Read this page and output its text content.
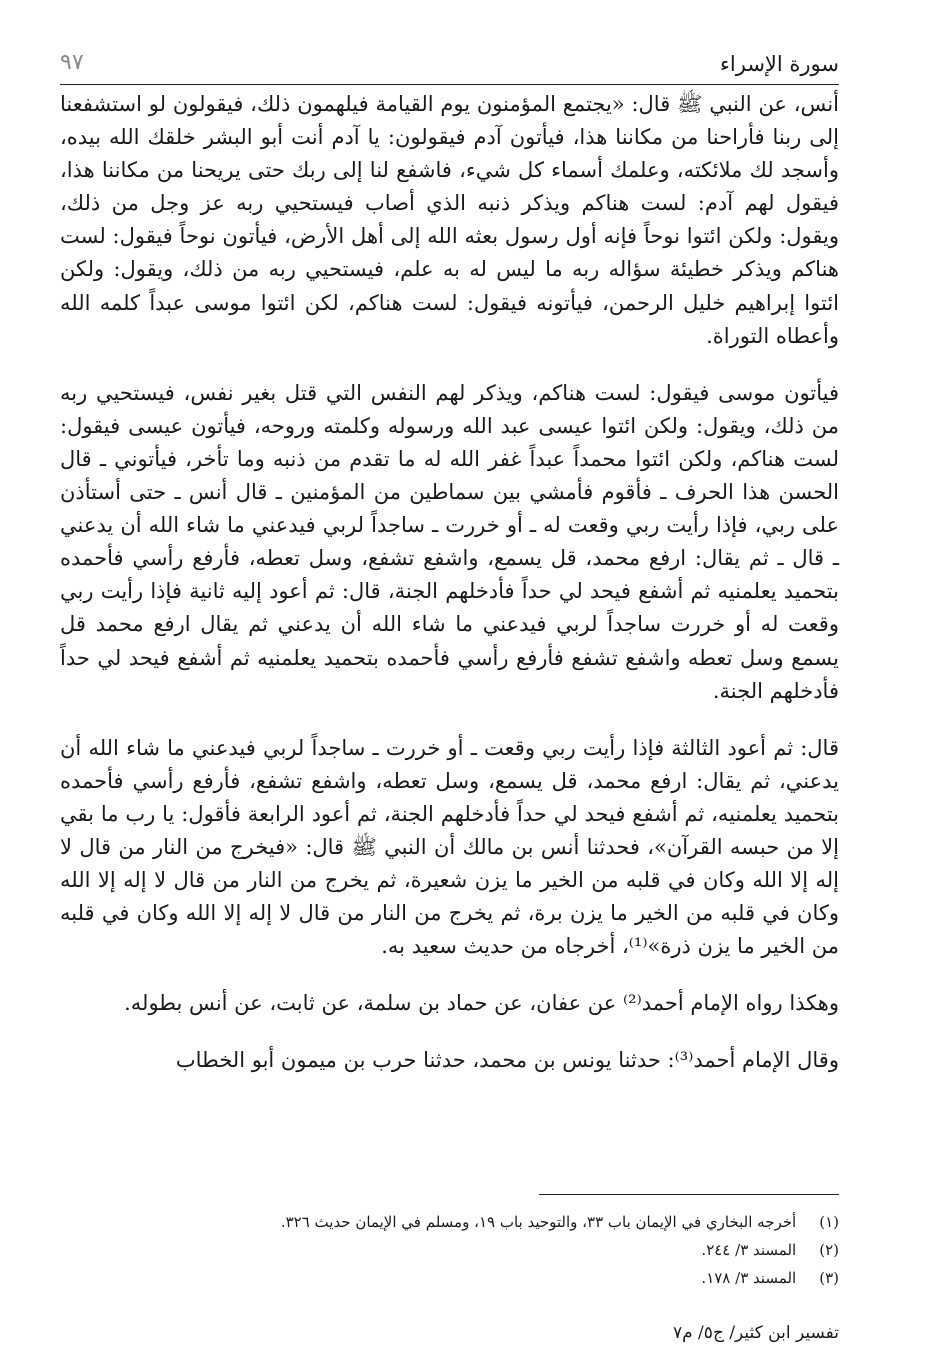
سورة الإسراء
٩٧

أنس، عن النبي ﷺ قال: «يجتمع المؤمنون يوم القيامة فيلهمون ذلك، فيقولون لو استشفعنا إلى ربنا فأراحنا من مكاننا هذا، فيأتون آدم فيقولون: يا آدم أنت أبو البشر خلقك الله بيده، وأسجد لك ملائكته، وعلمك أسماء كل شيء، فاشفع لنا إلى ربك حتى يريحنا من مكاننا هذا، فيقول لهم آدم: لست هناكم ويذكر ذنبه الذي أصاب فيستحيي ربه عز وجل من ذلك، ويقول: ولكن ائتوا نوحاً فإنه أول رسول بعثه الله إلى أهل الأرض، فيأتون نوحاً فيقول: لست هناكم ويذكر خطيئة سؤاله ربه ما ليس له به علم، فيستحيي ربه من ذلك، ويقول: ولكن ائتوا إبراهيم خليل الرحمن، فيأتونه فيقول: لست هناكم، لكن ائتوا موسى عبداً كلمه الله وأعطاه التوراة.

فيأتون موسى فيقول: لست هناكم، ويذكر لهم النفس التي قتل بغير نفس، فيستحيي ربه من ذلك، ويقول: ولكن ائتوا عيسى عبد الله ورسوله وكلمته وروحه، فيأتون عيسى فيقول: لست هناكم، ولكن ائتوا محمداً عبداً غفر الله له ما تقدم من ذنبه وما تأخر، فيأتوني ـ قال الحسن هذا الحرف ـ فأقوم فأمشي بين سماطين من المؤمنين ـ قال أنس ـ حتى أستأذن على ربي، فإذا رأيت ربي وقعت له ـ أو خررت ـ ساجداً لربي فيدعني ما شاء الله أن يدعني ـ قال ـ ثم يقال: ارفع محمد، قل يسمع، واشفع تشفع، وسل تعطه، فأرفع رأسي فأحمده بتحميد يعلمنيه ثم أشفع فيحد لي حداً فأدخلهم الجنة، قال: ثم أعود إليه ثانية فإذا رأيت ربي وقعت له أو خررت ساجداً لربي فيدعني ما شاء الله أن يدعني ثم يقال ارفع محمد قل يسمع وسل تعطه واشفع تشفع فأرفع رأسي فأحمده بتحميد يعلمنيه ثم أشفع فيحد لي حداً فأدخلهم الجنة.

قال: ثم أعود الثالثة فإذا رأيت ربي وقعت ـ أو خررت ـ ساجداً لربي فيدعني ما شاء الله أن يدعني، ثم يقال: ارفع محمد، قل يسمع، وسل تعطه، واشفع تشفع، فأرفع رأسي فأحمده بتحميد يعلمنيه، ثم أشفع فيحد لي حداً فأدخلهم الجنة، ثم أعود الرابعة فأقول: يا رب ما بقي إلا من حبسه القرآن»، فحدثنا أنس بن مالك أن النبي ﷺ قال: «فيخرج من النار من قال لا إله إلا الله وكان في قلبه من الخير ما يزن شعيرة، ثم يخرج من النار من قال لا إله إلا الله وكان في قلبه من الخير ما يزن برة، ثم يخرج من النار من قال لا إله إلا الله وكان في قلبه من الخير ما يزن ذرة»⁽¹⁾، أخرجاه من حديث سعيد به.

وهكذا رواه الإمام أحمد⁽²⁾ عن عفان، عن حماد بن سلمة، عن ثابت، عن أنس بطوله.

وقال الإمام أحمد⁽³⁾: حدثنا يونس بن محمد، حدثنا حرب بن ميمون أبو الخطاب

(١) أخرجه البخاري في الإيمان باب ٣٣، والتوحيد باب ١٩، ومسلم في الإيمان حديث ٣٢٦.
(٢) المسند ٣/ ٢٤٤.
(٣) المسند ٣/ ١٧٨.
تفسير ابن كثير/ ج٥/ م٧
